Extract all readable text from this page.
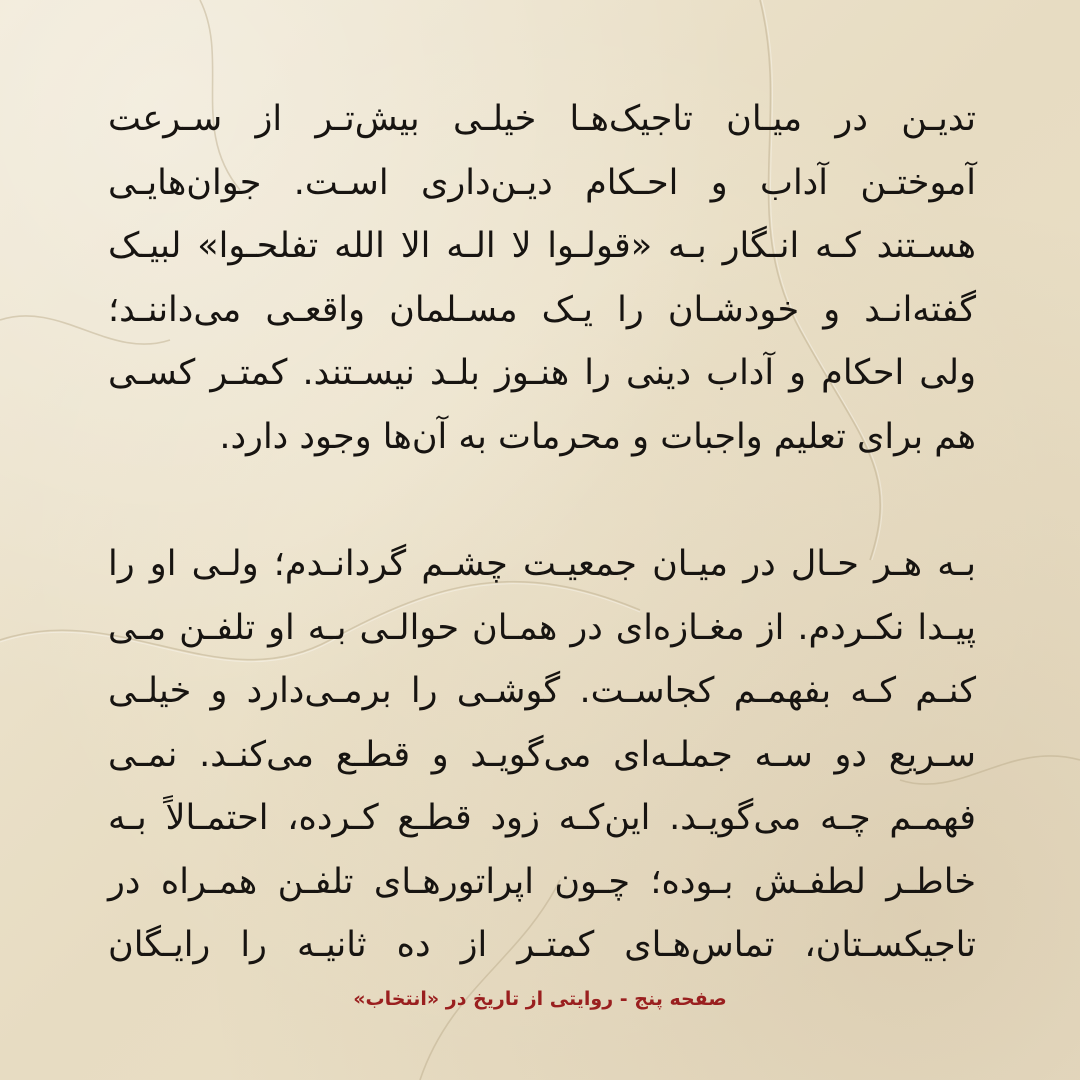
تدیـن در میـان تاجیک‌هـا خیلـی بیش‌تـر از سـرعت
آموختـن آداب و احـکام دیـن‌داری اسـت. جوان‌هایـی
هسـتند کـه انـگار بـه «قولـوا لا الـه الا الله تفلحـوا» لبیـک
گفته‌انـد و خودشـان را یـک مسـلمان واقعـی می‌داننـد؛
ولی احکام و آداب دینی را هنـوز بلـد نیسـتند. کمتـر کسـی
هم برای تعلیم واجبات و محرمات به آن‌ها وجود دارد.

بـه هـر حـال در میـان جمعیـت چشـم گردانـدم؛ ولـی او را
پیـدا نکـردم. از مغـازه‌ای در همـان حوالـی بـه او تلفـن مـی
کنـم کـه بفهمـم کجاسـت. گوشـی را برمـی‌دارد و خیلـی
سـریع دو سـه جملـه‌ای می‌گویـد و قطـع می‌کنـد. نمـی
فهمـم چـه می‌گویـد. این‌کـه زود قطـع کـرده، احتمـالاً بـه
خاطـر لطفـش بـوده؛ چـون اپراتورهـای تلفـن همـراه در
تاجیکسـتان، تماس‌هـای کمتـر از ده ثانیـه را رایـگان

صفحه پنج - روایتی از تاریخ در «انتخاب»
